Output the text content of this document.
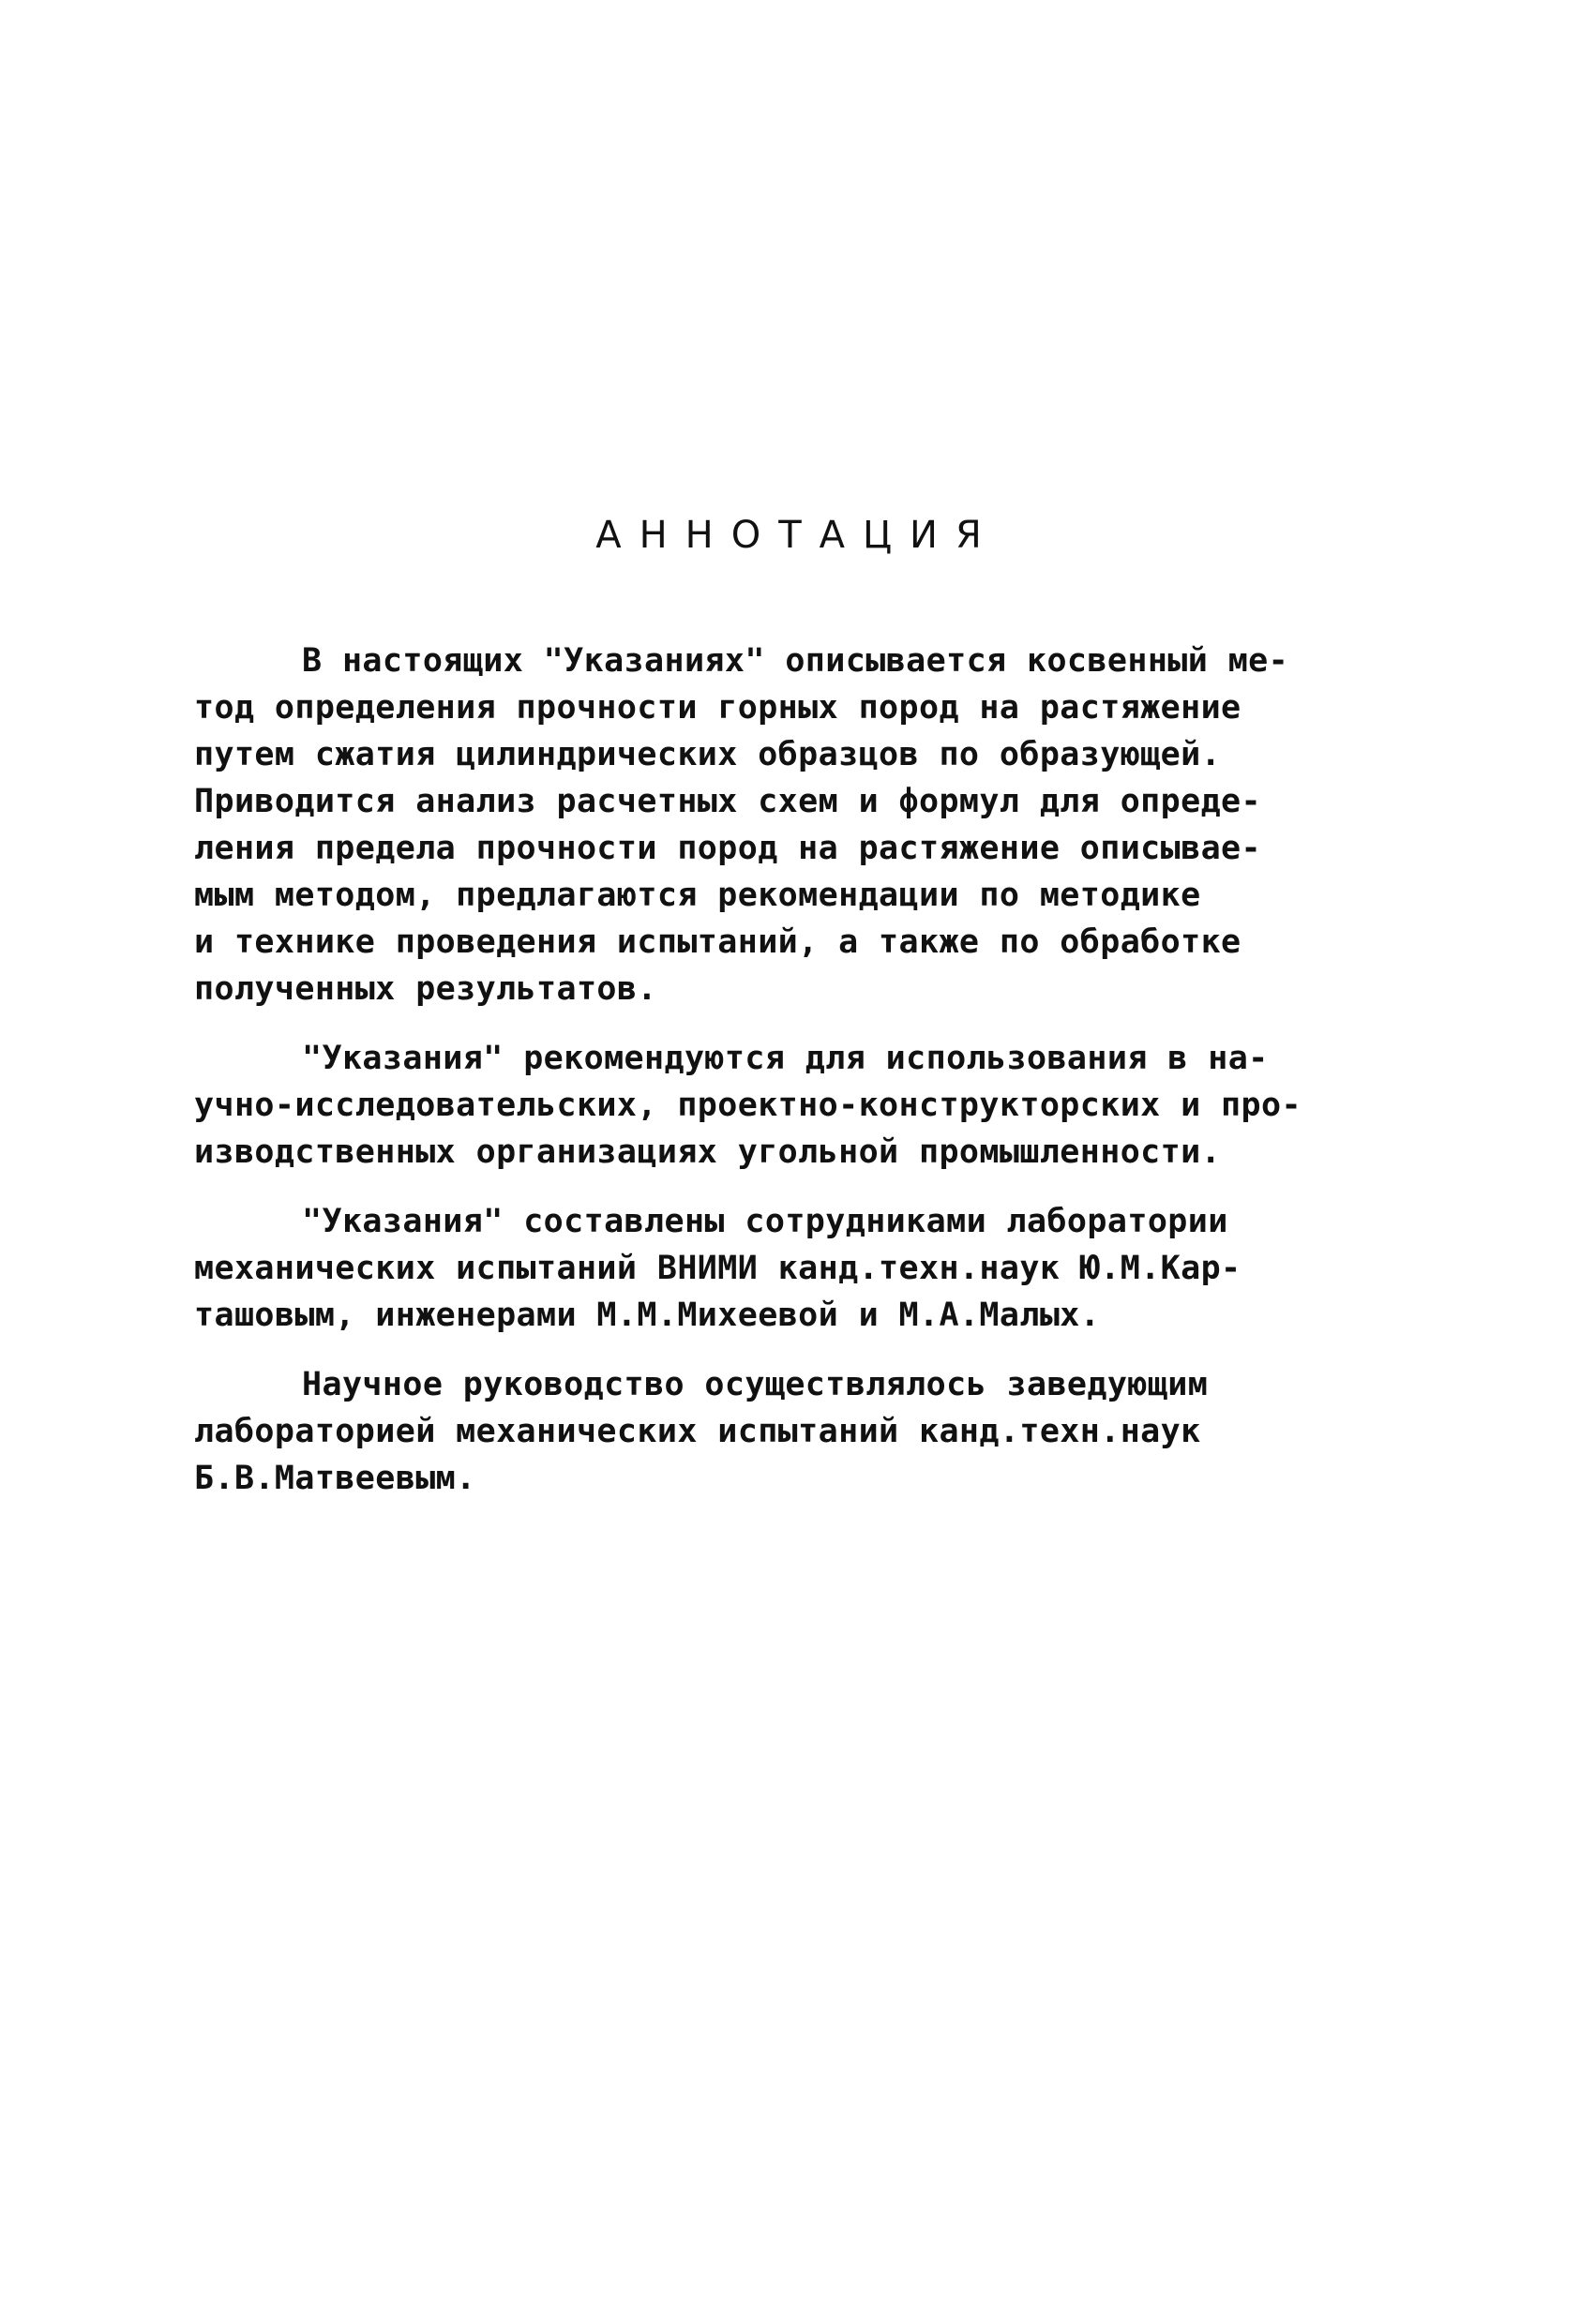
АННОТАЦИЯ
В настоящих "Указаниях" описывается косвенный ме-
тод определения прочности горных пород на растяжение
путем сжатия цилиндрических образцов по образующей.
Приводится анализ расчетных схем и формул для опреде-
ления предела прочности пород на растяжение описывае-
мым методом, предлагаются рекомендации по методике
и технике проведения испытаний, а также по обработке
полученных результатов.
"Указания" рекомендуются для использования в на-
учно-исследовательских, проектно-конструкторских и про-
изводственных организациях угольной промышленности.
"Указания" составлены сотрудниками лаборатории
механических испытаний ВНИМИ канд.техн.наук Ю.М.Кар-
ташовым, инженерами М.М.Михеевой и М.А.Малых.
Научное руководство осуществлялось заведующим
лабораторией механических испытаний канд.техн.наук
Б.В.Матвеевым.
